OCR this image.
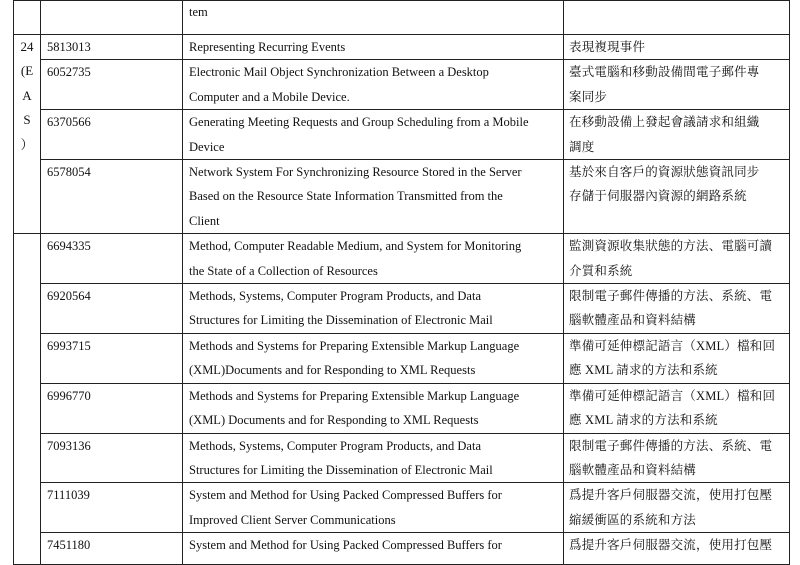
		tem	

24
(E
A
S
）	5813013	Representing Recurring Events	表現複現事件
	6052735	Electronic Mail Object Synchronization Between a Desktop
Computer and a Mobile Device.	臺式電腦和移動設備間電子郵件專
案同步
	6370566	Generating Meeting Requests and Group Scheduling from a Mobile
Device	在移動設備上發起會議請求和組織
調度
	6578054	Network System For Synchronizing Resource Stored in the Server
Based on the Resource State Information Transmitted from the
Client	基於來自客戶的資源狀態資訊同步
存儲于伺服器內資源的網路系統
	6694335	Method, Computer Readable Medium, and System for Monitoring
the State of a Collection of Resources	監測資源收集狀態的方法、電腦可讀
介質和系統
	6920564	Methods, Systems, Computer Program Products, and Data
Structures for Limiting the Dissemination of Electronic Mail	限制電子郵件傳播的方法、系統、電
腦軟體產品和資料結構
	6993715	Methods and Systems for Preparing Extensible Markup Language
(XML)Documents and for Responding to XML Requests	準備可延伸標記語言（XML）檔和回
應 XML 請求的方法和系統
	6996770	Methods and Systems for Preparing Extensible Markup Language
(XML) Documents and for Responding to XML Requests	準備可延伸標記語言（XML）檔和回
應 XML 請求的方法和系統
	7093136	Methods, Systems, Computer Program Products, and Data
Structures for Limiting the Dissemination of Electronic Mail	限制電子郵件傳播的方法、系統、電
腦軟體產品和資料結構
	7111039	System and Method for Using Packed Compressed Buffers for
Improved Client Server Communications	爲提升客戶伺服器交流，使用打包壓
縮緩衝區的系統和方法
	7451180	System and Method for Using Packed Compressed Buffers for	爲提升客戶伺服器交流，使用打包壓
